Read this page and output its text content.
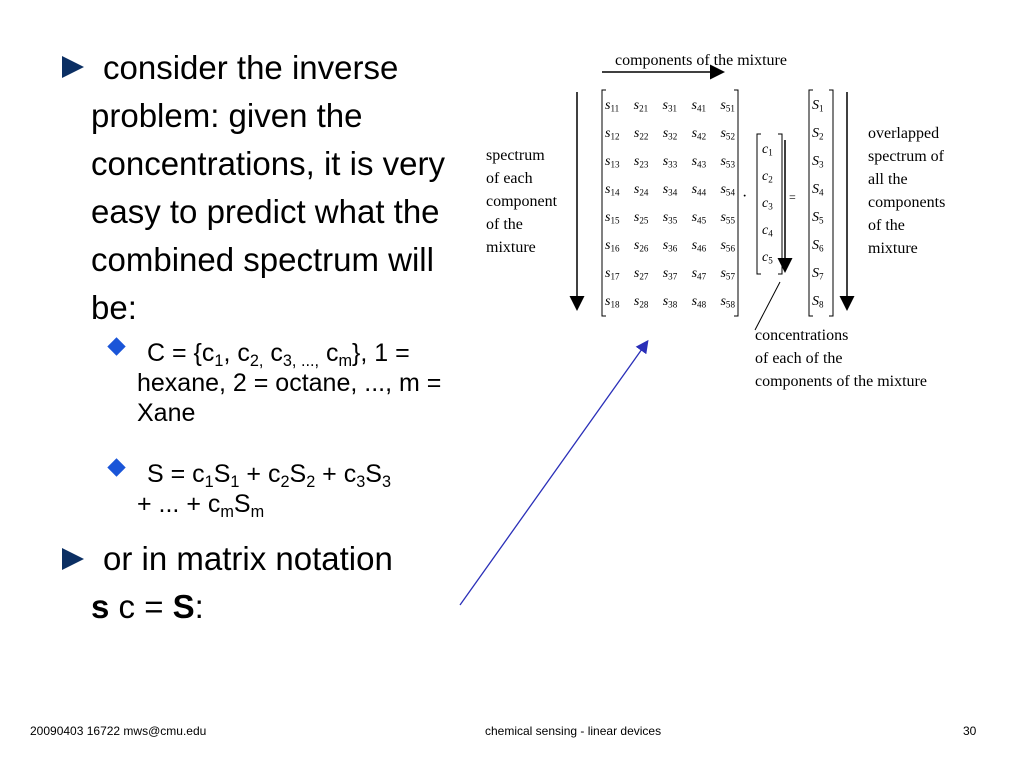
consider the inverse problem: given the concentrations, it is very easy to predict what the combined spectrum will be:
$C = \{c_1$, $c_{2,}$ $c_{3, ...,}$ $c_m$}, 1 = hexane, 2 = octane, ..., m = Xane
$S = c_1S_1 + c_2S_2 + c_3S_3$
+ ... + $c_mS_m$
or in matrix notation
s c = S:
components of the mixture
spectrum
of each
component
of the
mixture
overlapped
spectrum of
all the
components
of the
mixture
concentrations
of each of the
components of the mixture
$s_{11}$ $s_{21}$ $s_{31}$ $s_{41}$ $s_{51}$
$s_{12}$ $s_{22}$ $s_{32}$ $s_{42}$ $s_{52}$
$s_{13}$ $s_{23}$ $s_{33}$ $s_{43}$ $s_{53}$
$s_{14}$ $s_{24}$ $s_{34}$ $s_{44}$ $s_{54}$
$s_{15}$ $s_{25}$ $s_{35}$ $s_{45}$ $s_{55}$
$s_{16}$ $s_{26}$ $s_{36}$ $s_{46}$ $s_{56}$
$s_{17}$ $s_{27}$ $s_{37}$ $s_{47}$ $s_{57}$
$s_{18}$ $s_{28}$ $s_{38}$ $s_{48}$ $s_{58}$
$c_1$
$c_2$
$c_3$
$c_4$
$c_5$
·	=
$S_1$
$S_2$
$S_3$
$S_4$
$S_5$
$S_6$
$S_7$
$S_8$
20090403 16722 mws@cmu.edu	chemical sensing - linear devices	30
